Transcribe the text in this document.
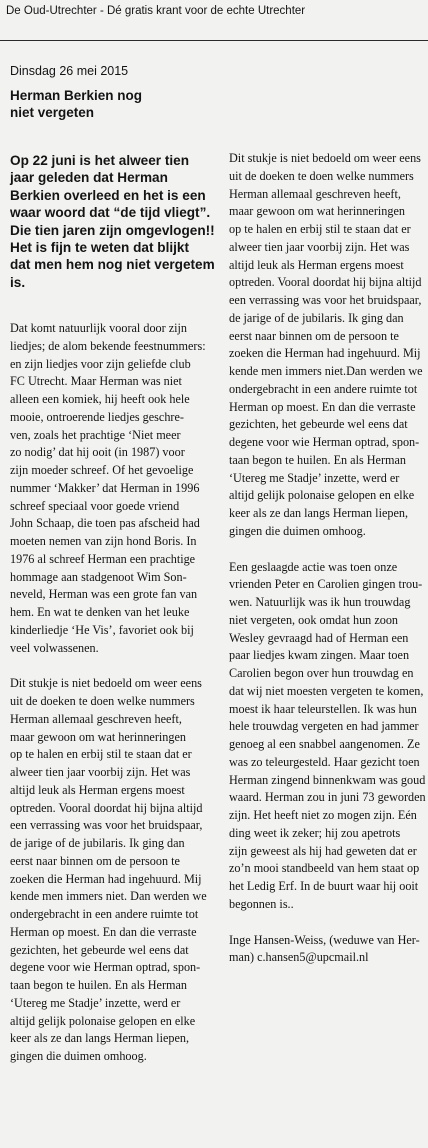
De Oud-Utrechter - Dé gratis krant voor de echte Utrechter
Dinsdag 26 mei 2015
Herman Berkien nog
niet vergeten
Op 22 juni is het alweer tien
jaar geleden dat Herman
Berkien overleed en het is een
waar woord dat “de tijd vliegt”.
Die tien jaren zijn omgevlogen!!
Het is fijn te weten dat blijkt
dat men hem nog niet vergetem
is.
Dat komt natuurlijk vooral door zijn
liedjes; de alom bekende feestnummers:
en zijn liedjes voor zijn geliefde club
FC Utrecht. Maar Herman was niet
alleen een komiek, hij heeft ook hele
mooie, ontroerende liedjes geschre-
ven, zoals het prachtige ‘Niet meer
zo nodig’ dat hij ooit (in 1987) voor
zijn moeder schreef. Of het gevoelige
nummer ‘Makker’ dat Herman in 1996
schreef speciaal voor goede vriend
John Schaap, die toen pas afscheid had
moeten nemen van zijn hond Boris. In
1976 al schreef Herman een prachtige
hommage aan stadgenoot Wim Son-
neveld, Herman was een grote fan van
hem. En wat te denken van het leuke
kinderliedje ‘He Vis’, favoriet ook bij
veel volwassenen.
Dit stukje is niet bedoeld om weer eens
uit de doeken te doen welke nummers
Herman allemaal geschreven heeft,
maar gewoon om wat herinneringen
op te halen en erbij stil te staan dat er
alweer tien jaar voorbij zijn. Het was
altijd leuk als Herman ergens moest
optreden. Vooral doordat hij bijna altijd
een verrassing was voor het bruidspaar,
de jarige of de jubilaris. Ik ging dan
eerst naar binnen om de persoon te
zoeken die Herman had ingehuurd. Mij
kende men immers niet. Dan werden we
ondergebracht in een andere ruimte tot
Herman op moest. En dan die verraste
gezichten, het gebeurde wel eens dat
degene voor wie Herman optrad, spon-
taan begon te huilen. En als Herman
‘Utereg me Stadje’ inzette, werd er
altijd gelijk polonaise gelopen en elke
keer als ze dan langs Herman liepen,
gingen die duimen omhoog.
Dit stukje is niet bedoeld om weer eens
uit de doeken te doen welke nummers
Herman allemaal geschreven heeft,
maar gewoon om wat herinneringen
op te halen en erbij stil te staan dat er
alweer tien jaar voorbij zijn. Het was
altijd leuk als Herman ergens moest
optreden. Vooral doordat hij bijna altijd
een verrassing was voor het bruidspaar,
de jarige of de jubilaris. Ik ging dan
eerst naar binnen om de persoon te
zoeken die Herman had ingehuurd. Mij
kende men immers niet.Dan werden we
ondergebracht in een andere ruimte tot
Herman op moest. En dan die verraste
gezichten, het gebeurde wel eens dat
degene voor wie Herman optrad, spon-
taan begon te huilen. En als Herman
‘Utereg me Stadje’ inzette, werd er
altijd gelijk polonaise gelopen en elke
keer als ze dan langs Herman liepen,
gingen die duimen omhoog.
Een geslaagde actie was toen onze
vrienden Peter en Carolien gingen trou-
wen. Natuurlijk was ik hun trouwdag
niet vergeten, ook omdat hun zoon
Wesley gevraagd had of Herman een
paar liedjes kwam zingen. Maar toen
Carolien begon over hun trouwdag en
dat wij niet moesten vergeten te komen,
moest ik haar teleurstellen. Ik was hun
hele trouwdag vergeten en had jammer
genoeg al een snabbel aangenomen. Ze
was zo teleurgesteld. Haar gezicht toen
Herman zingend binnenkwam was goud
waard. Herman zou in juni 73 geworden
zijn. Het heeft niet zo mogen zijn. Eén
ding weet ik zeker; hij zou apetrots
zijn geweest als hij had geweten dat er
zo’n mooi standbeeld van hem staat op
het Ledig Erf. In de buurt waar hij ooit
begonnen is..
Inge Hansen-Weiss, (weduwe van Her-
man) c.hansen5@upcmail.nl
